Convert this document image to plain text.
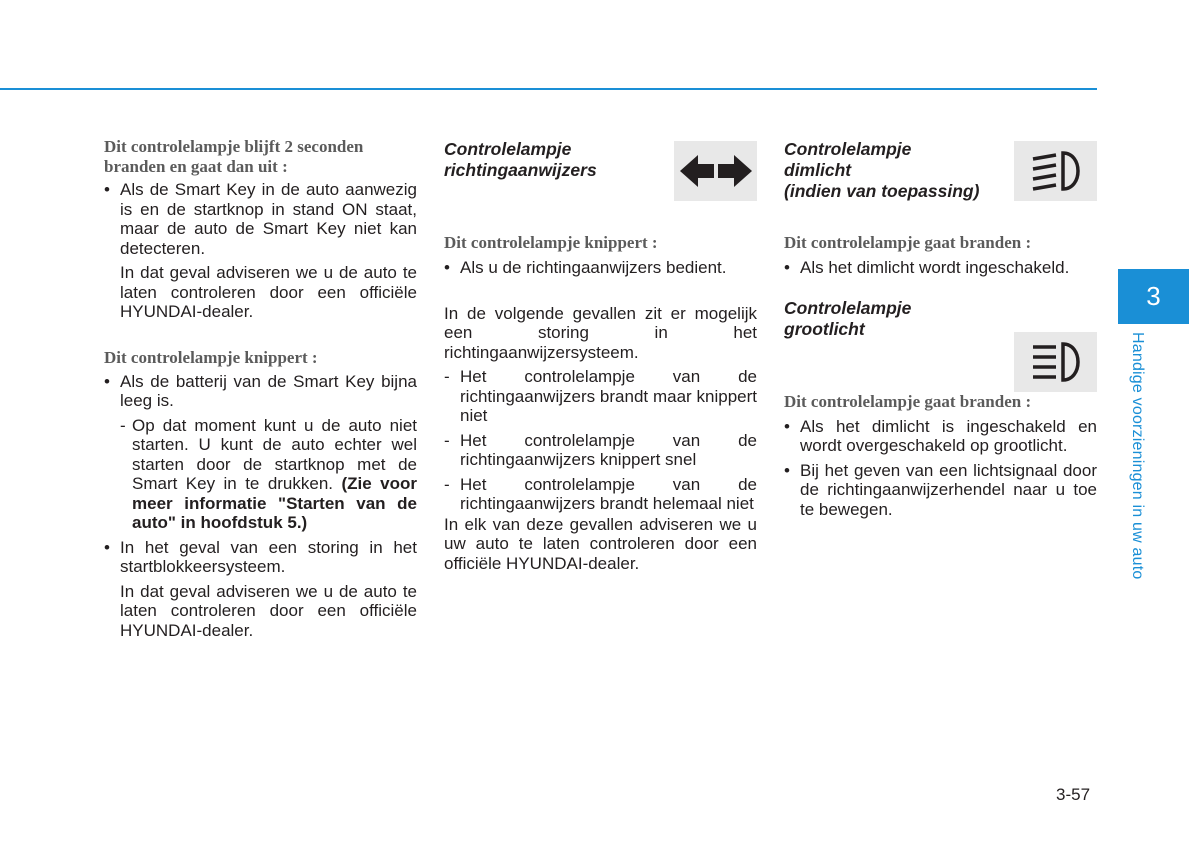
Dit controlelampje blijft 2 seconden
branden en gaat dan uit :

• Als de Smart Key in de auto aanwezig is en de startknop in stand ON staat, maar de auto de Smart Key niet kan detecteren.

In dat geval adviseren we u de auto te laten controleren door een officiële HYUNDAI-dealer.

Dit controlelampje knippert :

• Als de batterij van de Smart Key bijna leeg is.

- Op dat moment kunt u de auto niet starten. U kunt de auto echter wel starten door de startknop met de Smart Key in te drukken. (Zie voor meer informatie "Starten van de auto" in hoofdstuk 5.)

• In het geval van een storing in het startblokkeersysteem.

In dat geval adviseren we u de auto te laten controleren door een officiële HYUNDAI-dealer.

Controlelampje
richtingaanwijzers

Dit controlelampje knippert :

• Als u de richtingaanwijzers bedient.

In de volgende gevallen zit er mogelijk een storing in het richtingaanwijzersysteem.

- Het controlelampje van de richtingaanwijzers brandt maar knippert niet

- Het controlelampje van de richtingaanwijzers knippert snel

- Het controlelampje van de richtingaanwijzers brandt helemaal niet

In elk van deze gevallen adviseren we u uw auto te laten controleren door een officiële HYUNDAI-dealer.

Controlelampje
dimlicht
(indien van toepassing)

Dit controlelampje gaat branden :

• Als het dimlicht wordt ingeschakeld.

Controlelampje
grootlicht

Dit controlelampje gaat branden :

• Als het dimlicht is ingeschakeld en wordt overgeschakeld op grootlicht.

• Bij het geven van een lichtsignaal door de richtingaanwijzerhendel naar u toe te bewegen.

3
Handige voorzieningen in uw auto
3-57
